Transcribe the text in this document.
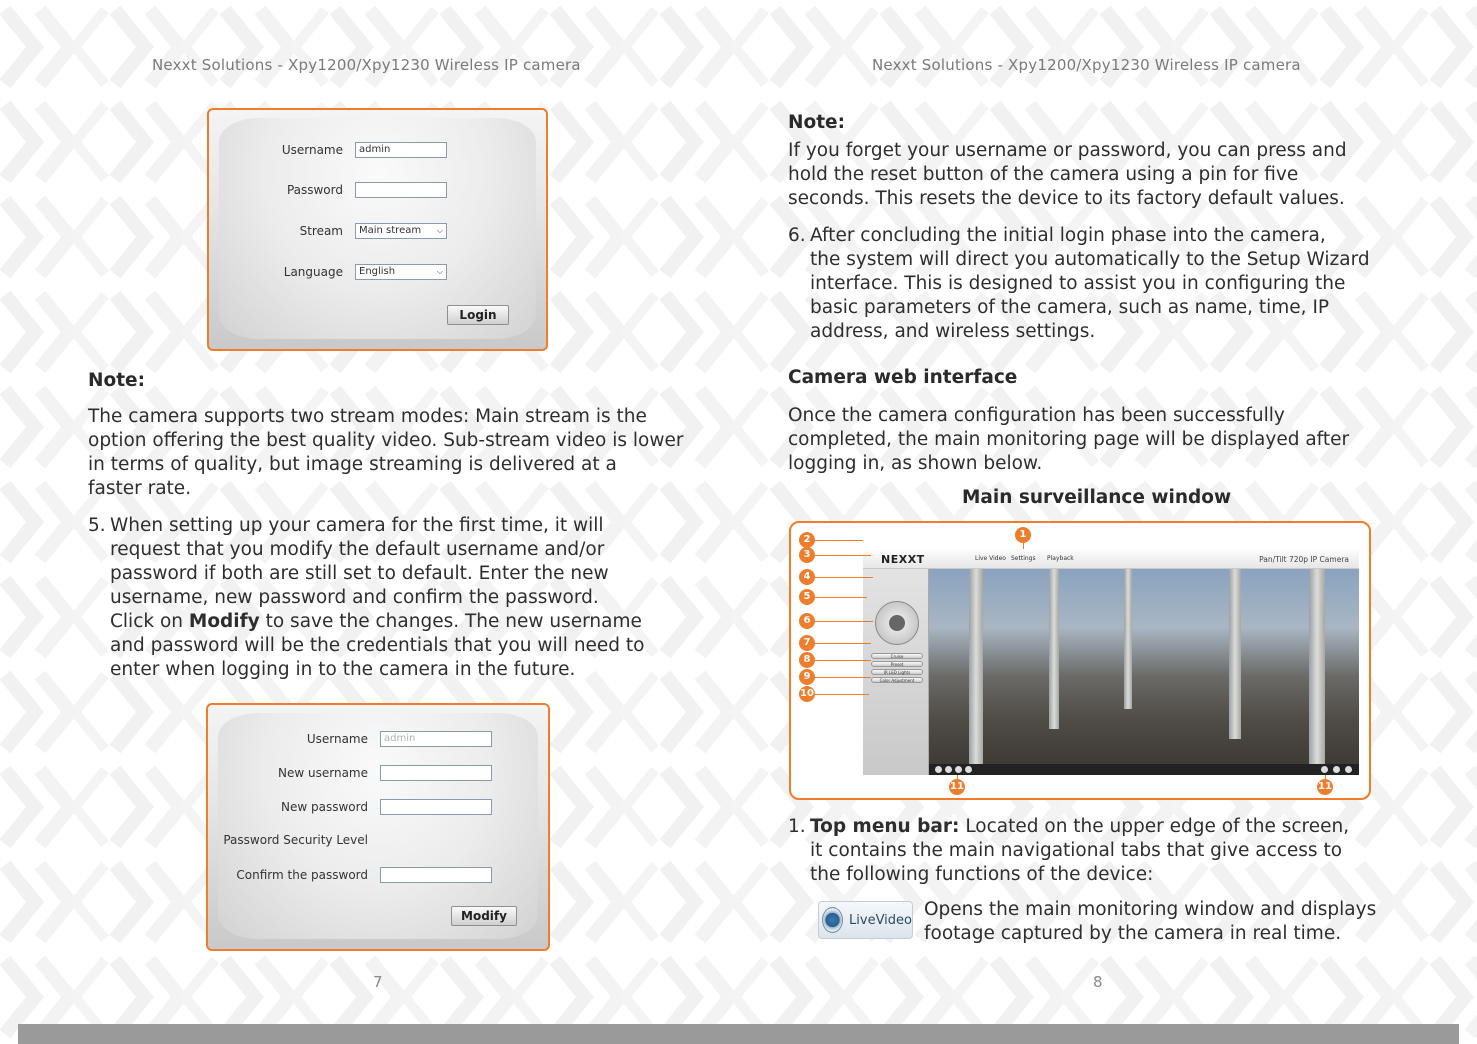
Nexxt Solutions - Xpy1200/Xpy1230 Wireless IP camera
Username	admin
Password
Stream	Main stream ⌵
Language	English	⌵
Login
Note:
The camera supports two stream modes: Main stream is the
option offering the best quality video. Sub-stream video is lower
in terms of quality, but image streaming is delivered at a
faster rate.
5. When setting up your camera for the first time, it will
request that you modify the default username and/or
password if both are still set to default. Enter the new
username, new password and confirm the password.
Click on Modify to save the changes. The new username
and password will be the credentials that you will need to
enter when logging in to the camera in the future.
Username	admin
New username
New password
Password Security Level
Confirm the password
Modify
7
Nexxt Solutions - Xpy1200/Xpy1230 Wireless IP camera
Note:
If you forget your username or password, you can press and
hold the reset button of the camera using a pin for five
seconds. This resets the device to its factory default values.
6. After concluding the initial login phase into the camera,
the system will direct you automatically to the Setup Wizard
interface. This is designed to assist you in configuring the
basic parameters of the camera, such as name, time, IP
address, and wireless settings.
Camera web interface
Once the camera configuration has been successfully
completed, the main monitoring page will be displayed after
logging in, as shown below.
Main surveillance window
NEXXT	Live Video Settings Playback	Pan/Tilt 720p IP Camera
Cruise
Preset
IR LED Lights
Color Adjustment
1
2
3
4
5
6
7
8
9
10
11	11
1. Top menu bar: Located on the upper edge of the screen,
it contains the main navigational tabs that give access to
the following functions of the device:
LiveVideo Opens the main monitoring window and displays
footage captured by the camera in real time.
8
